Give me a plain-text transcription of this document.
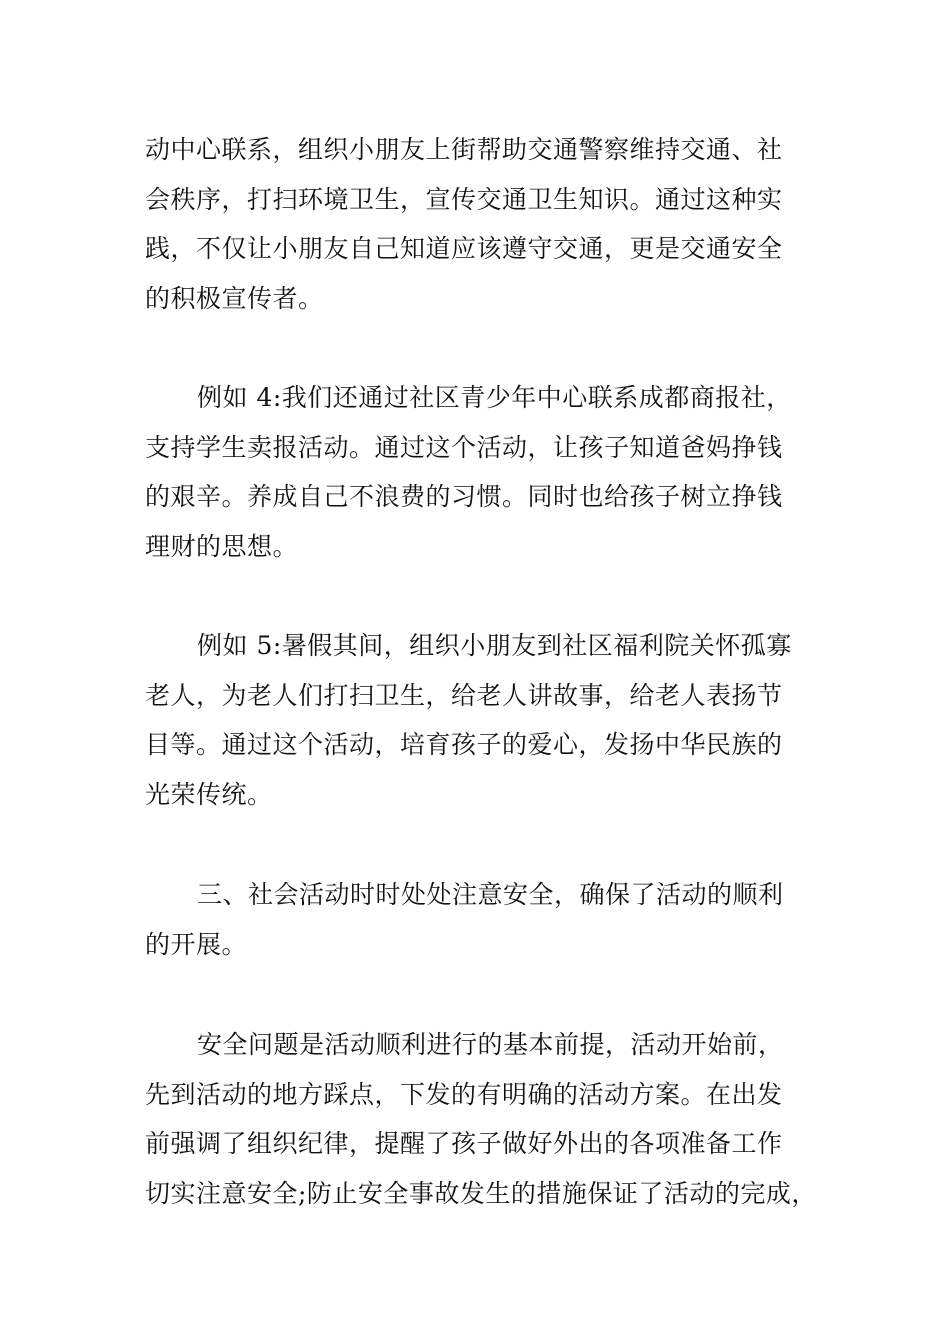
动中心联系，组织小朋友上街帮助交通警察维持交通、社
会秩序，打扫环境卫生，宣传交通卫生知识。通过这种实
践，不仅让小朋友自己知道应该遵守交通，更是交通安全
的积极宣传者。

例如 4:我们还通过社区青少年中心联系成都商报社，
支持学生卖报活动。通过这个活动，让孩子知道爸妈挣钱
的艰辛。养成自己不浪费的习惯。同时也给孩子树立挣钱
理财的思想。

例如 5:暑假其间，组织小朋友到社区福利院关怀孤寡
老人，为老人们打扫卫生，给老人讲故事，给老人表扬节
目等。通过这个活动，培育孩子的爱心，发扬中华民族的
光荣传统。

三、社会活动时时处处注意安全，确保了活动的顺利
的开展。

安全问题是活动顺利进行的基本前提，活动开始前，
先到活动的地方踩点，下发的有明确的活动方案。在出发
前强调了组织纪律，提醒了孩子做好外出的各项准备工作
切实注意安全;防止安全事故发生的措施保证了活动的完成，
